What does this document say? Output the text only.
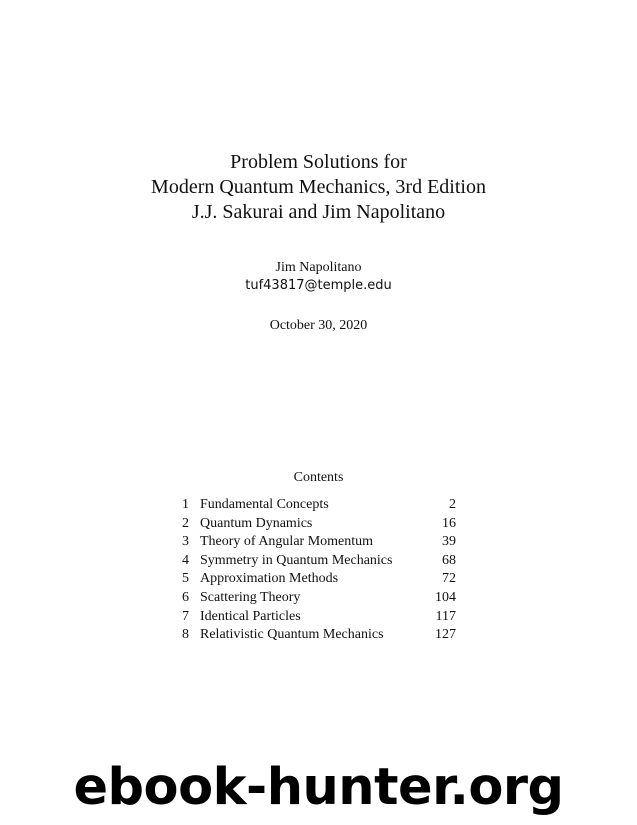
Problem Solutions for
Modern Quantum Mechanics, 3rd Edition
J.J. Sakurai and Jim Napolitano
Jim Napolitano
tuf43817@temple.edu
October 30, 2020
Contents
1 Fundamental Concepts	2
2 Quantum Dynamics	16
3 Theory of Angular Momentum	39
4 Symmetry in Quantum Mechanics	68
5 Approximation Methods	72
6 Scattering Theory	104
7 Identical Particles	117
8 Relativistic Quantum Mechanics	127
ebook-hunter.org
